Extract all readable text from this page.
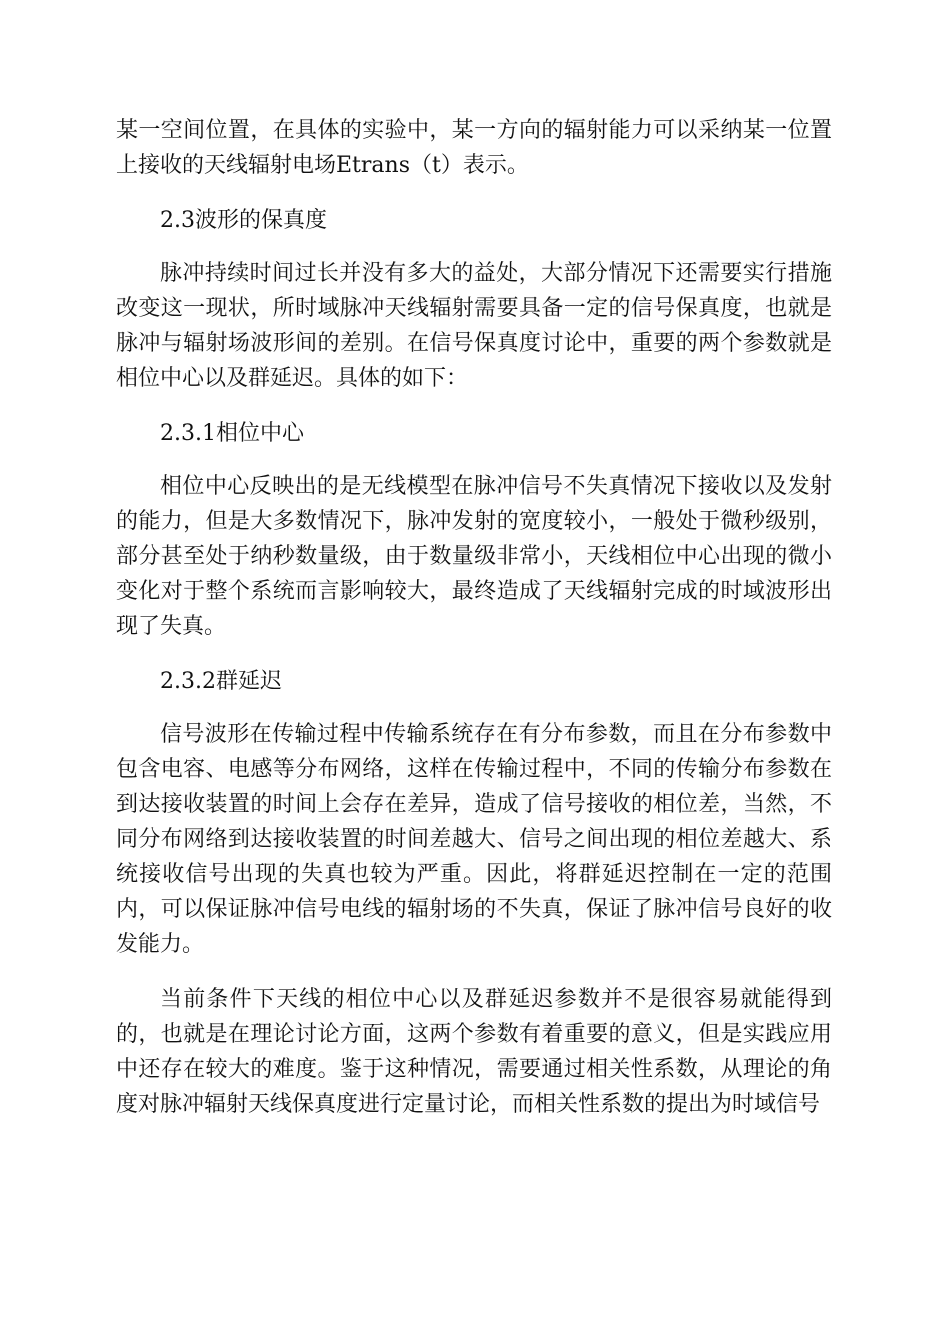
某一空间位置，在具体的实验中，某一方向的辐射能力可以采纳某一位置上接收的天线辐射电场Etrans（t）表示。

2.3波形的保真度

脉冲持续时间过长并没有多大的益处，大部分情况下还需要实行措施改变这一现状，所时域脉冲天线辐射需要具备一定的信号保真度，也就是脉冲与辐射场波形间的差别。在信号保真度讨论中，重要的两个参数就是相位中心以及群延迟。具体的如下：

2.3.1相位中心

相位中心反映出的是无线模型在脉冲信号不失真情况下接收以及发射的能力，但是大多数情况下，脉冲发射的宽度较小，一般处于微秒级别，部分甚至处于纳秒数量级，由于数量级非常小，天线相位中心出现的微小变化对于整个系统而言影响较大，最终造成了天线辐射完成的时域波形出现了失真。

2.3.2群延迟

信号波形在传输过程中传输系统存在有分布参数，而且在分布参数中包含电容、电感等分布网络，这样在传输过程中，不同的传输分布参数在到达接收装置的时间上会存在差异，造成了信号接收的相位差，当然，不同分布网络到达接收装置的时间差越大、信号之间出现的相位差越大、系统接收信号出现的失真也较为严重。因此，将群延迟控制在一定的范围内，可以保证脉冲信号电线的辐射场的不失真，保证了脉冲信号良好的收发能力。

当前条件下天线的相位中心以及群延迟参数并不是很容易就能得到的，也就是在理论讨论方面，这两个参数有着重要的意义，但是实践应用中还存在较大的难度。鉴于这种情况，需要通过相关性系数，从理论的角度对脉冲辐射天线保真度进行定量讨论，而相关性系数的提出为时域信号
